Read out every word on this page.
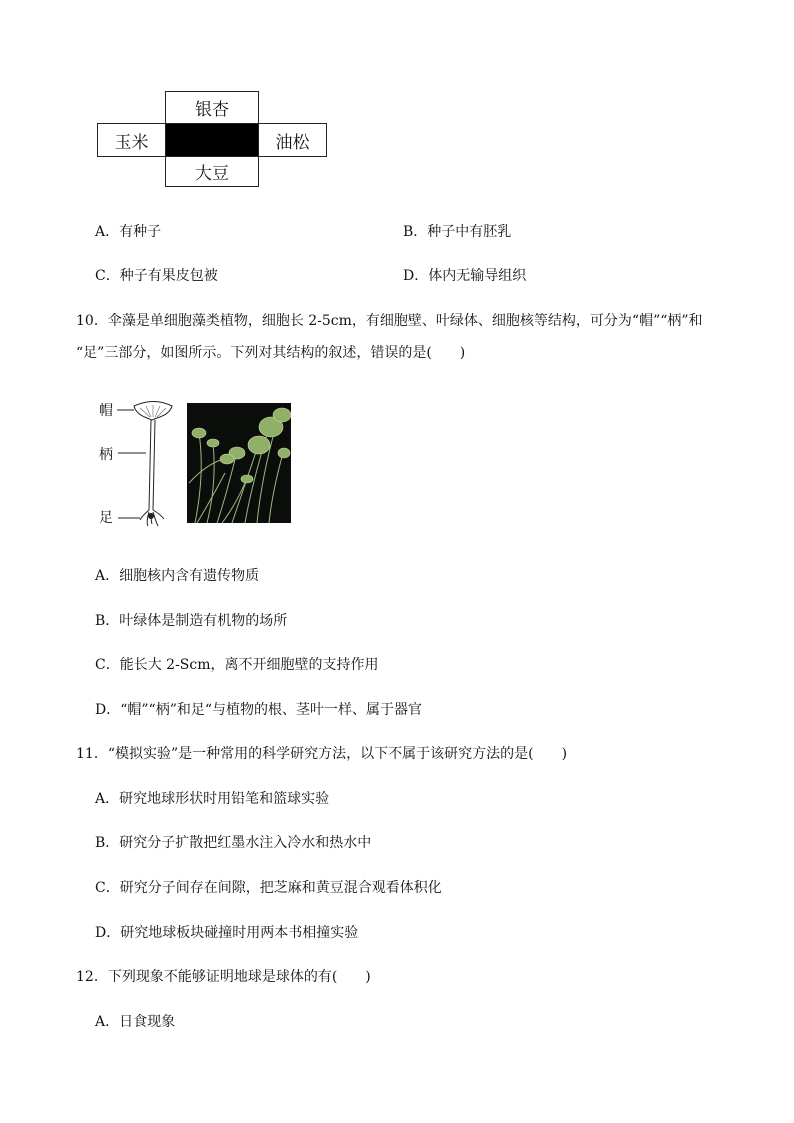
银杏
玉米	油松
大豆
A．有种子	B．种子中有胚乳
C．种子有果皮包被	D．体内无输导组织
10．伞藻是单细胞藻类植物，细胞长 2-5cm，有细胞壁、叶绿体、细胞核等结构，可分为“帽”“柄”和
“足”三部分，如图所示。下列对其结构的叙述，错误的是(　　)
帽
柄
足
A．细胞核内含有遗传物质
B．叶绿体是制造有机物的场所
C．能长大 2-Scm，离不开细胞壁的支持作用
D．“帽”“柄”和足“与植物的根、茎叶一样、属于器官
11．“模拟实验”是一种常用的科学研究方法，以下不属于该研究方法的是(　　)
A．研究地球形状时用铅笔和篮球实验
B．研究分子扩散把红墨水注入冷水和热水中
C．研究分子间存在间隙，把芝麻和黄豆混合观看体积化
D．研究地球板块碰撞时用两本书相撞实验
12．下列现象不能够证明地球是球体的有(　　)
A．日食现象
